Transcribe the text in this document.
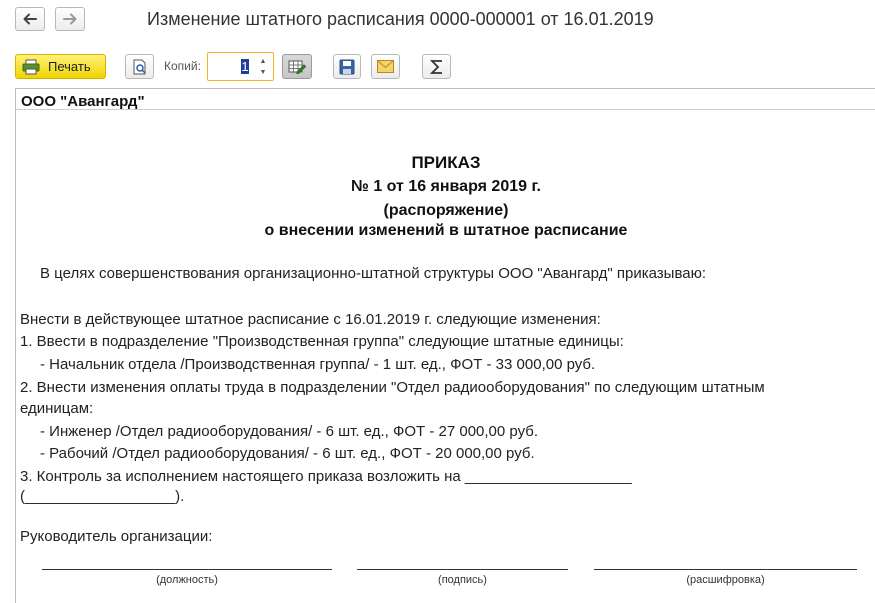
Изменение штатного расписания 0000-000001 от 16.01.2019
Печать	Копий:	1	▲
▼
ООО "Авангард"
ПРИКАЗ
№ 1 от 16 января 2019 г.
(распоряжение)
о внесении изменений в штатное расписание
В целях совершенствования организационно-штатной структуры ООО "Авангард" приказываю:
Внести в действующее штатное расписание с 16.01.2019 г. следующие изменения:
1. Ввести в подразделение "Производственная группа" следующие штатные единицы:
- Начальник отдела /Производственная группа/ - 1 шт. ед., ФОТ - 33 000,00 руб.
2. Внести изменения оплаты труда в подразделении "Отдел радиооборудования" по следующим штатным
единицам:
- Инженер /Отдел радиооборудования/ - 6 шт. ед., ФОТ - 27 000,00 руб.
- Рабочий /Отдел радиооборудования/ - 6 шт. ед., ФОТ - 20 000,00 руб.
3. Контроль за исполнением настоящего приказа возложить на ____________________
(__________________).
Руководитель организации:
(должность)	(подпись)	(расшифровка)
